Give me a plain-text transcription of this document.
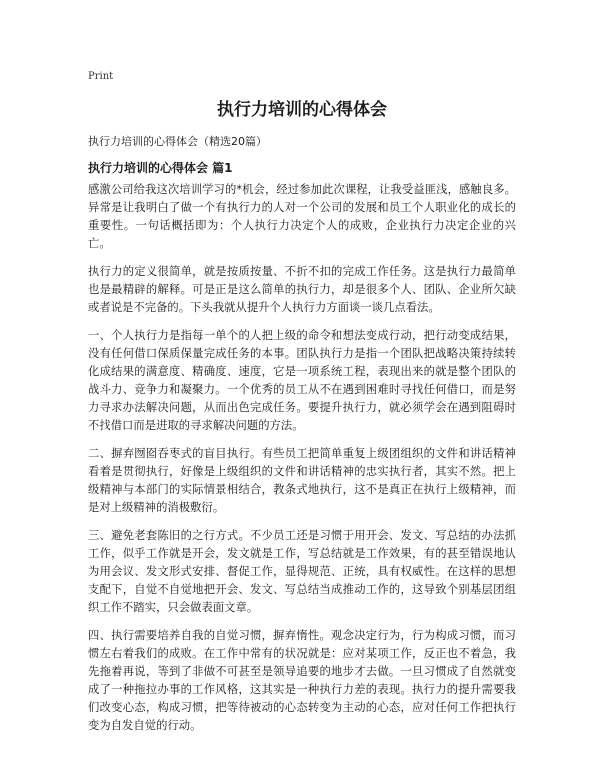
Print
执行力培训的心得体会

执行力培训的心得体会（精选20篇）

执行力培训的心得体会 篇1

感激公司给我这次培训学习的*机会，经过参加此次课程，让我受益匪浅，感触良多。异常是让我明白了做一个有执行力的人对一个公司的发展和员工个人职业化的成长的重要性。一句话概括即为：个人执行力决定个人的成败，企业执行力决定企业的兴亡。

执行力的定义很简单，就是按质按量、不折不扣的完成工作任务。这是执行力最简单也是最精辟的解释。可是正是这么简单的执行力，却是很多个人、团队、企业所欠缺或者说是不完备的。下头我就从提升个人执行力方面谈一谈几点看法。

一、个人执行力是指每一单个的人把上级的命令和想法变成行动，把行动变成结果，没有任何借口保质保量完成任务的本事。团队执行力是指一个团队把战略决策持续转化成结果的满意度、精确度、速度，它是一项系统工程，表现出来的就是整个团队的战斗力、竞争力和凝聚力。一个优秀的员工从不在遇到困难时寻找任何借口，而是努力寻求办法解决问题，从而出色完成任务。要提升执行力，就必须学会在遇到阻碍时不找借口而是进取的寻求解决问题的方法。

二、摒弃囫囵吞枣式的盲目执行。有些员工把简单重复上级团组织的文件和讲话精神看着是贯彻执行，好像是上级组织的文件和讲话精神的忠实执行者，其实不然。把上级精神与本部门的实际情景相结合，教条式地执行，这不是真正在执行上级精神，而是对上级精神的消极敷衍。

三、避免老套陈旧的之行方式。不少员工还是习惯于用开会、发文、写总结的办法抓工作，似乎工作就是开会，发文就是工作，写总结就是工作效果，有的甚至错误地认为用会议、发文形式安排、督促工作，显得规范、正统，具有权威性。在这样的思想支配下，自觉不自觉地把开会、发文、写总结当成推动工作的，这导致个别基层团组织工作不踏实，只会做表面文章。

四、执行需要培养自我的自觉习惯，摒弃惰性。观念决定行为，行为构成习惯，而习惯左右着我们的成败。在工作中常有的状况就是：应对某项工作，反正也不着急，我先拖着再说，等到了非做不可甚至是领导追要的地步才去做。一旦习惯成了自然就变成了一种拖拉办事的工作风格，这其实是一种执行力差的表现。执行力的提升需要我们改变心态，构成习惯，把等待被动的心态转变为主动的心态，应对任何工作把执行变为自发自觉的行动。
